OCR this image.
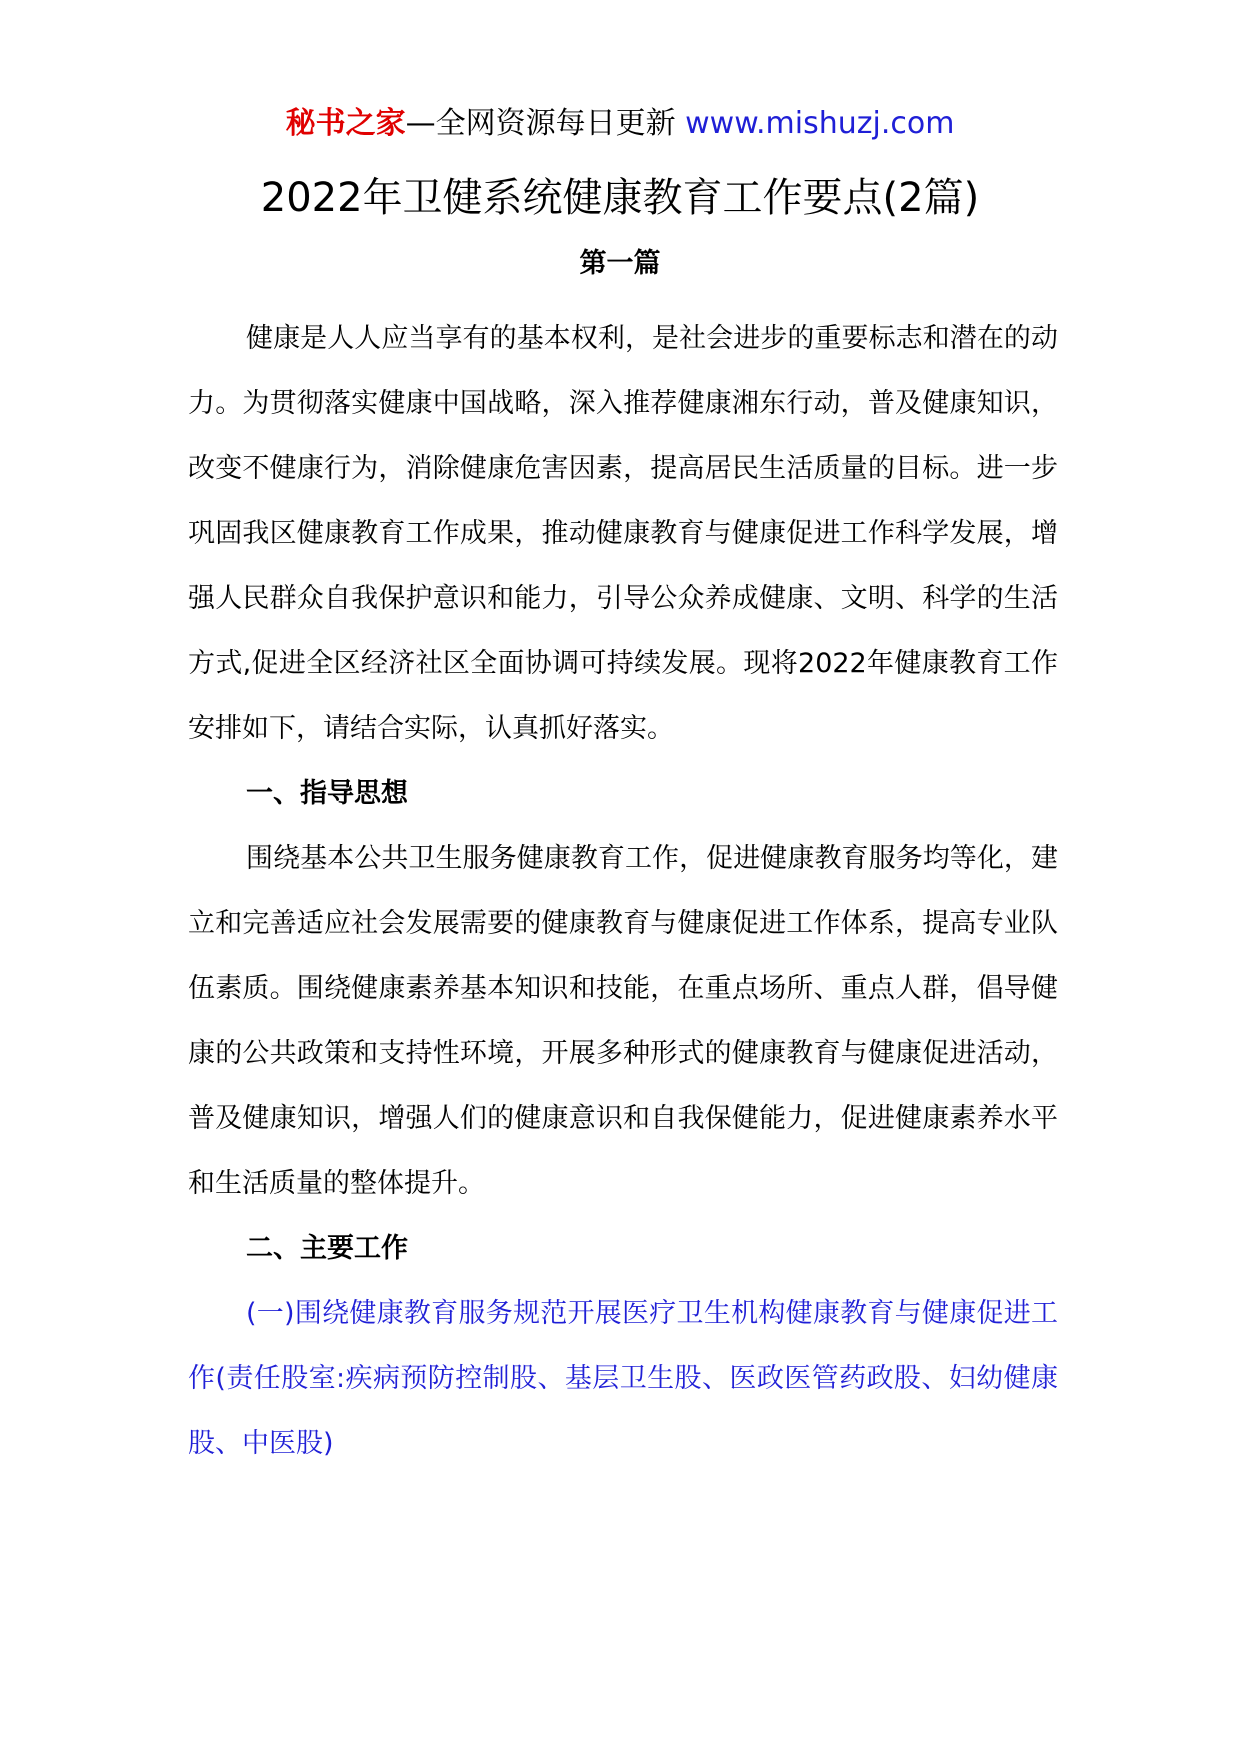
秘书之家—全网资源每日更新 www.mishuzj.com
2022年卫健系统健康教育工作要点(2篇)
第一篇

健康是人人应当享有的基本权利，是社会进步的重要标志和潜在的动力。为贯彻落实健康中国战略，深入推荐健康湘东行动，普及健康知识，改变不健康行为，消除健康危害因素，提高居民生活质量的目标。进一步巩固我区健康教育工作成果，推动健康教育与健康促进工作科学发展，增强人民群众自我保护意识和能力，引导公众养成健康、文明、科学的生活方式,促进全区经济社区全面协调可持续发展。现将2022年健康教育工作安排如下，请结合实际，认真抓好落实。

一、指导思想

围绕基本公共卫生服务健康教育工作，促进健康教育服务均等化，建立和完善适应社会发展需要的健康教育与健康促进工作体系，提高专业队伍素质。围绕健康素养基本知识和技能，在重点场所、重点人群，倡导健康的公共政策和支持性环境，开展多种形式的健康教育与健康促进活动，普及健康知识，增强人们的健康意识和自我保健能力，促进健康素养水平和生活质量的整体提升。

二、主要工作

(一)围绕健康教育服务规范开展医疗卫生机构健康教育与健康促进工作(责任股室:疾病预防控制股、基层卫生股、医政医管药政股、妇幼健康股、中医股)
